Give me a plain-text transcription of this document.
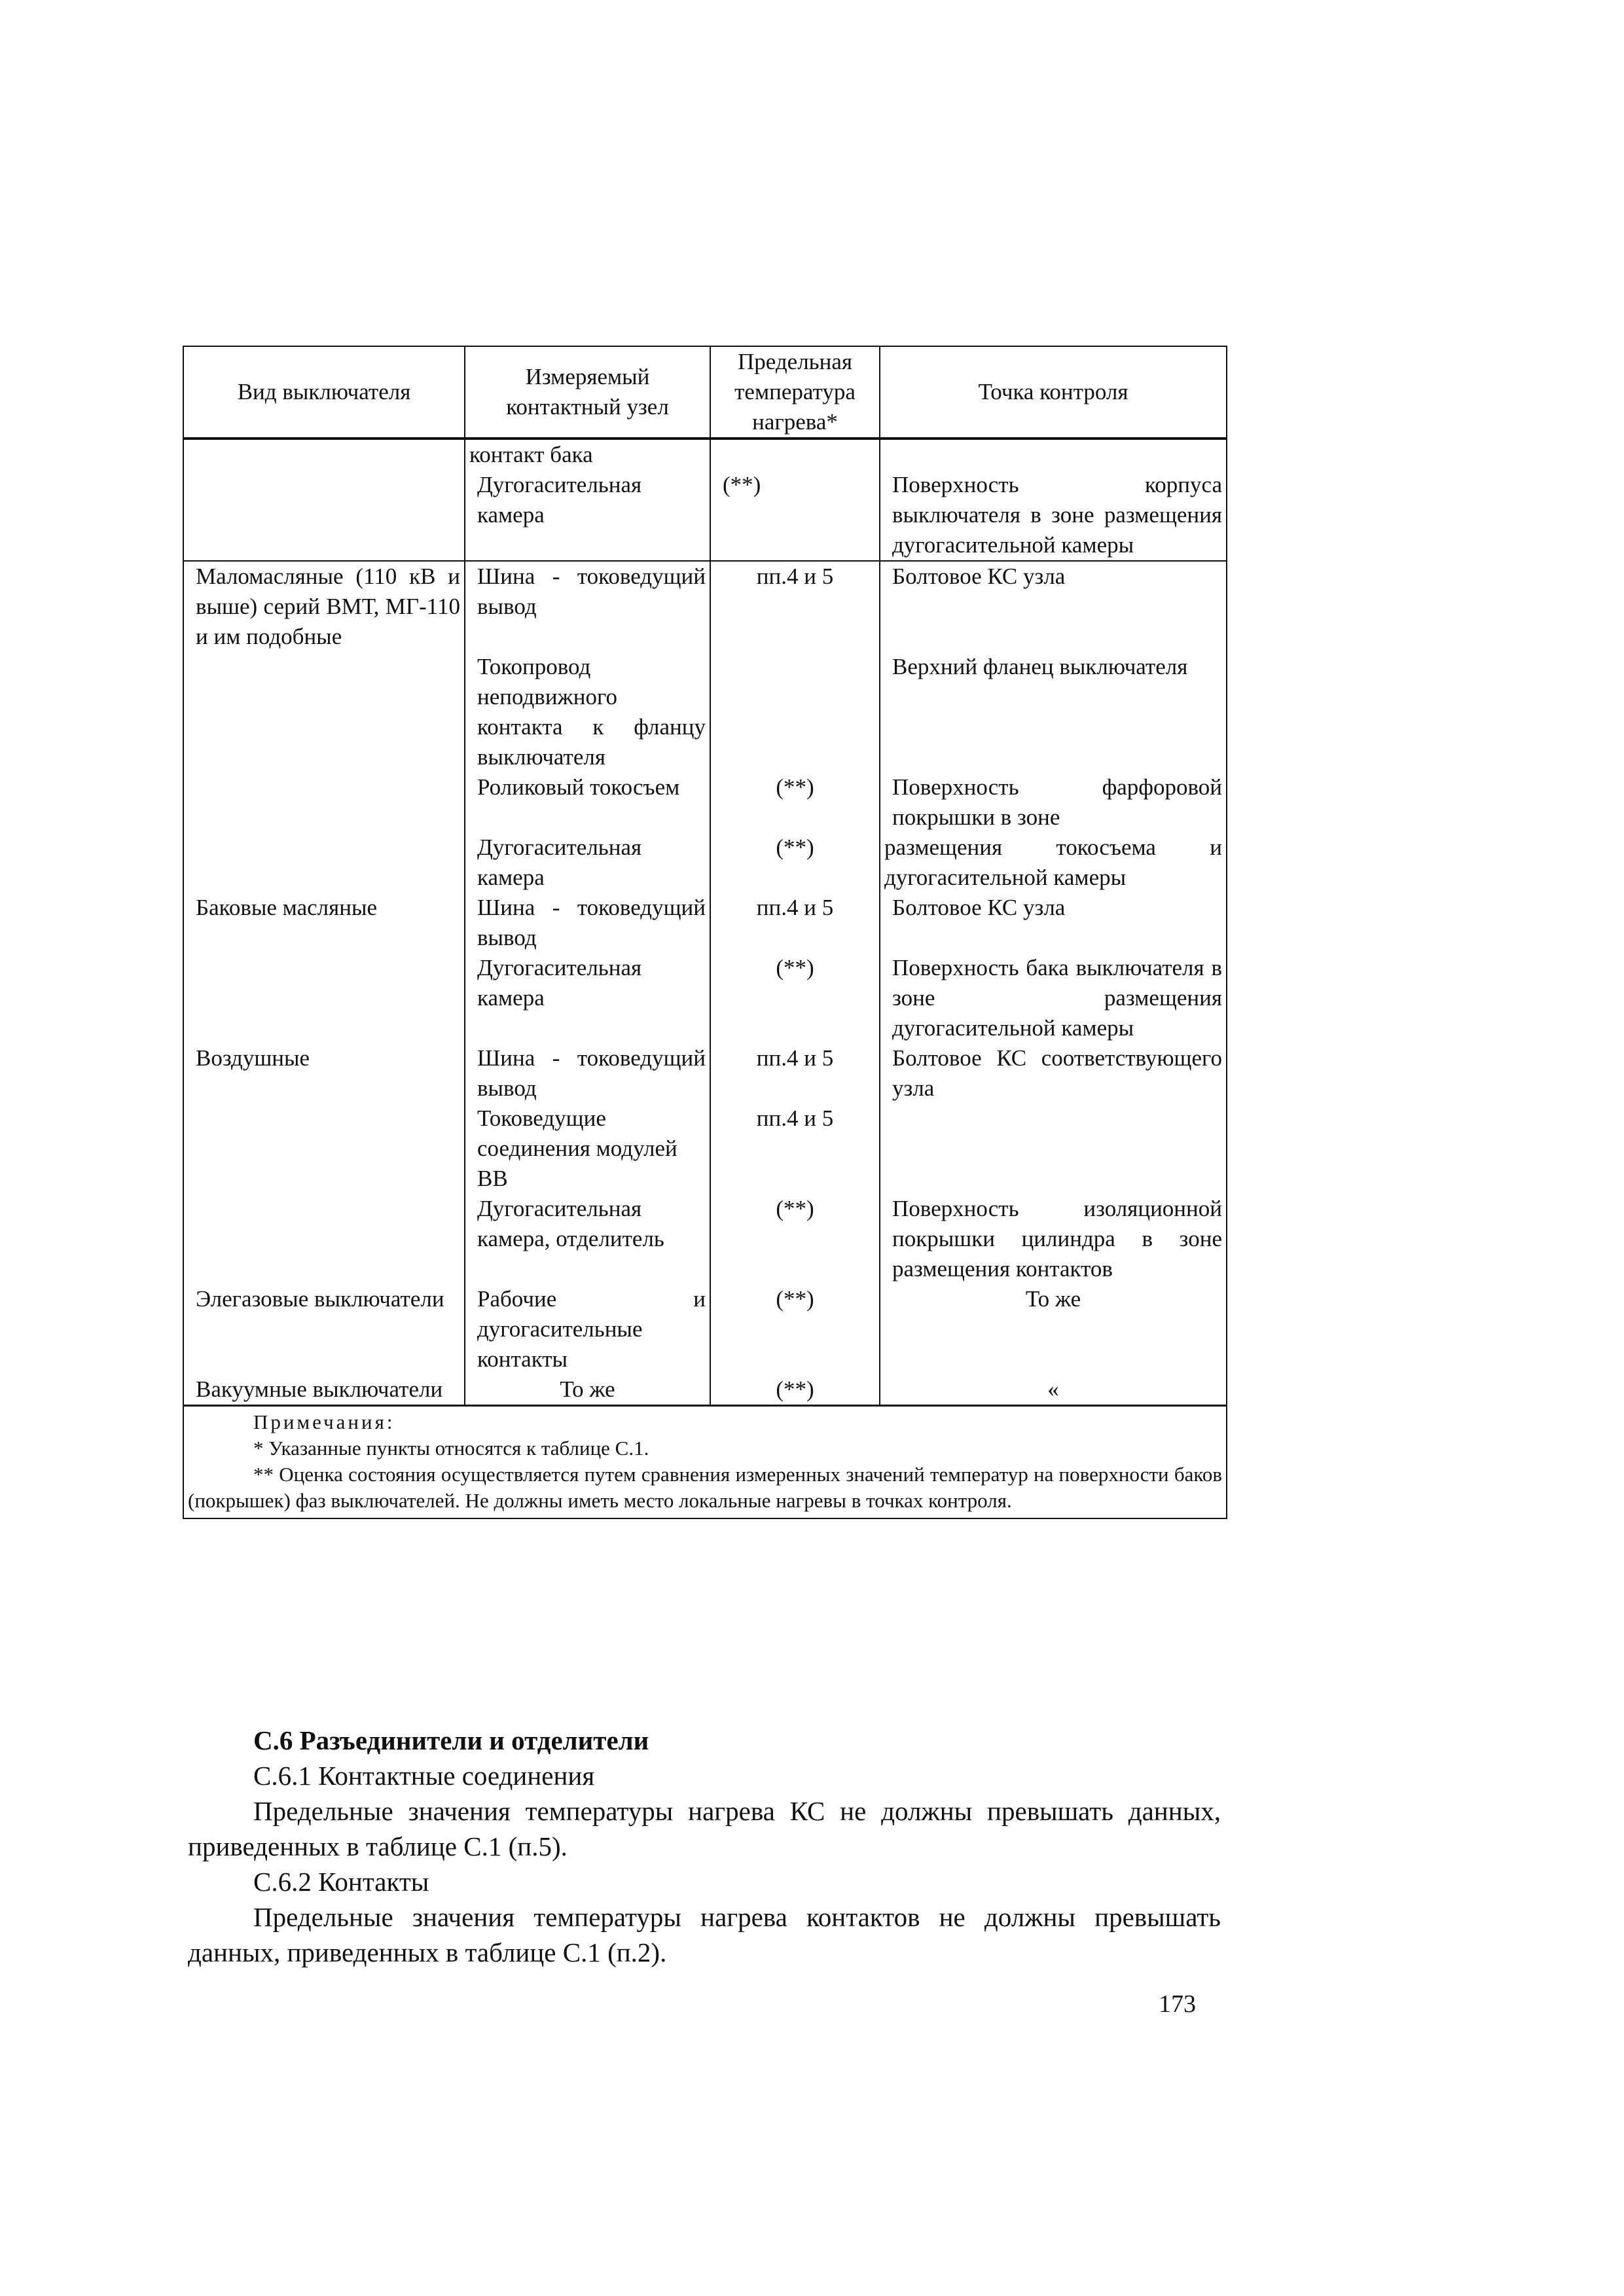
Вид выключателя	Измеряемый контактный узел	Предельная температура нагрева*	Точка контроля
	контакт бака		
	Дугогасительная камера	(**)	Поверхность корпуса выключателя в зоне размещения дугогасительной камеры
Маломасляные (110 кВ и выше) серий ВМТ, МГ-110 и им подобные	Шина - токоведущий вывод	пп.4 и 5	Болтовое КС узла
	Токопровод неподвижного контакта к фланцу выключателя		Верхний фланец выключателя
	Роликовый токосъем	(**)	Поверхность фарфоровой покрышки в зоне
	Дугогасительная камера	(**)	размещения токосъема и дугогасительной камеры
Баковые масляные	Шина - токоведущий вывод	пп.4 и 5	Болтовое КС узла
	Дугогасительная камера	(**)	Поверхность бака выключателя в зоне размещения дугогасительной камеры
Воздушные	Шина - токоведущий вывод	пп.4 и 5	Болтовое КС соответствующего узла
	Токоведущие соединения модулей ВВ	пп.4 и 5	
	Дугогасительная камера, отделитель	(**)	Поверхность изоляционной покрышки цилиндра в зоне размещения контактов
Элегазовые выключатели	Рабочие и дугогасительные контакты	(**)	То же
Вакуумные выключатели	То же	(**)	«

Примечания:
* Указанные пункты относятся к таблице С.1.
** Оценка состояния осуществляется путем сравнения измеренных значений температур на поверхности баков (покрышек) фаз выключателей. Не должны иметь место локальные нагревы в точках контроля.			
С.6 Разъединители и отделители
С.6.1 Контактные соединения
Предельные значения температуры нагрева КС не должны превышать данных, приведенных в таблице С.1 (п.5).
С.6.2 Контакты
Предельные значения температуры нагрева контактов не должны превышать данных, приведенных в таблице С.1 (п.2).
173
